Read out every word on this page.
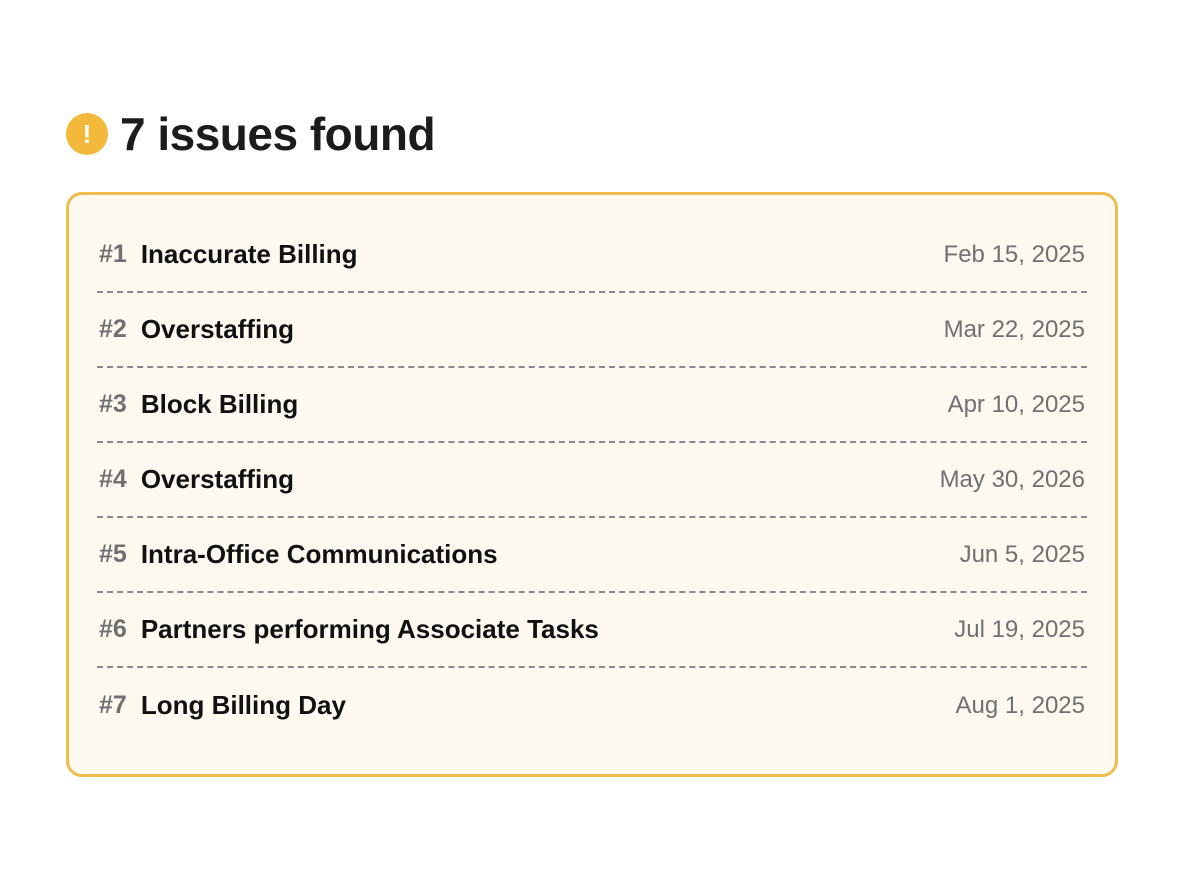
! 7 issues found
#1 Inaccurate Billing	Feb 15, 2025
#2 Overstaffing	Mar 22, 2025
#3 Block Billing	Apr 10, 2025
#4 Overstaffing	May 30, 2026
#5 Intra-Office Communications	Jun 5, 2025
#6 Partners performing Associate Tasks	Jul 19, 2025
#7 Long Billing Day	Aug 1, 2025
